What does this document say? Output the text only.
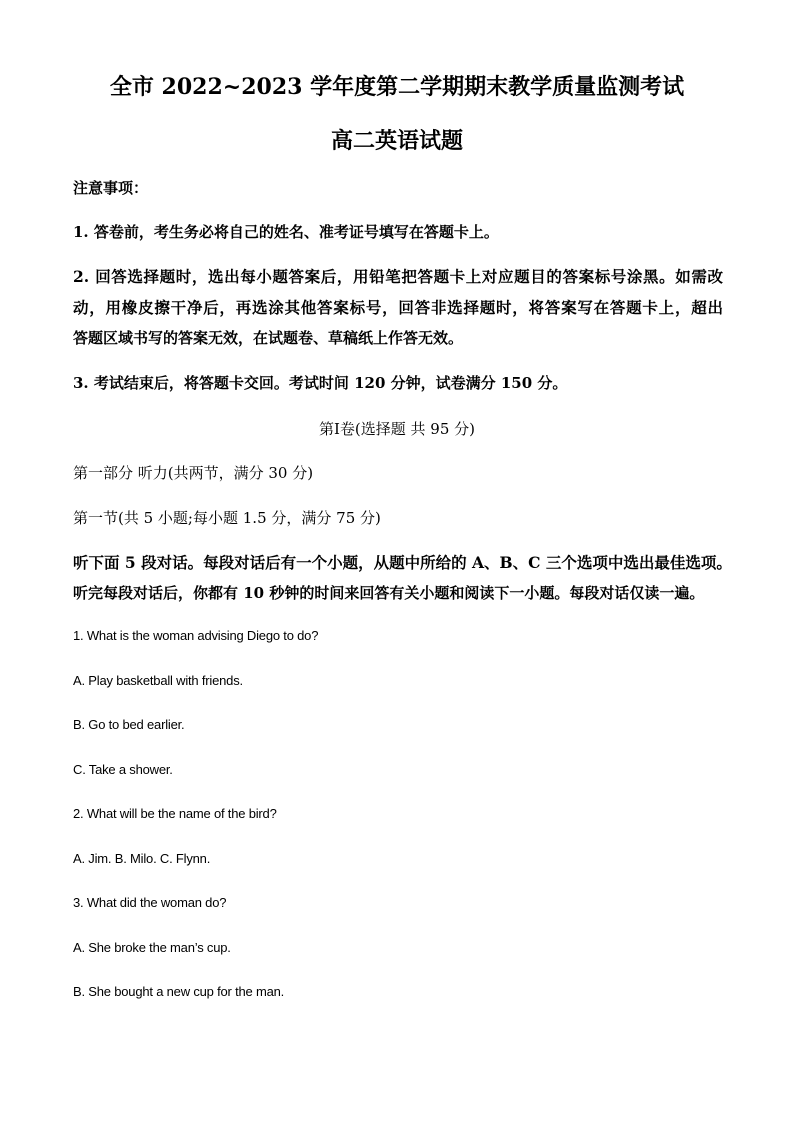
全市 2022~2023 学年度第二学期期末教学质量监测考试
高二英语试题
注意事项：
1. 答卷前，考生务必将自己的姓名、准考证号填写在答题卡上。
2. 回答选择题时，选出每小题答案后，用铅笔把答题卡上对应题目的答案标号涂黑。如需改
动，用橡皮擦干净后，再选涂其他答案标号，回答非选择题时，将答案写在答题卡上，超出
答题区域书写的答案无效，在试题卷、草稿纸上作答无效。
3. 考试结束后，将答题卡交回。考试时间 120 分钟，试卷满分 150 分。
第Ⅰ卷(选择题 共 95 分)
第一部分 听力(共两节，满分 30 分)
第一节(共 5 小题;每小题 1.5 分，满分 75 分)
听下面 5 段对话。每段对话后有一个小题，从题中所给的 A、B、C 三个选项中选出最佳选项。
听完每段对话后，你都有 10 秒钟的时间来回答有关小题和阅读下一小题。每段对话仅读一遍。
1. What is the woman advising Diego to do?
A. Play basketball with friends.
B. Go to bed earlier.
C. Take a shower.
2. What will be the name of the bird?
A. Jim. B. Milo. C. Flynn.
3. What did the woman do?
A. She broke the man’s cup.
B. She bought a new cup for the man.
